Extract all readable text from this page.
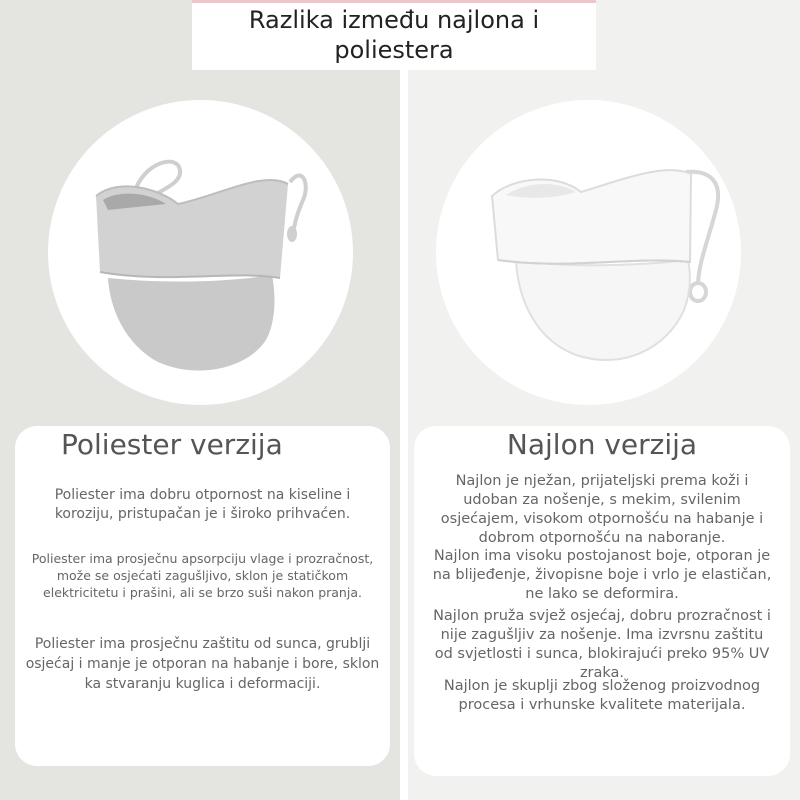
Razlika između najlona i poliestera
Poliester verzija
Poliester ima dobru otpornost na kiseline i koroziju, pristupačan je i široko prihvaćen.
Poliester ima prosječnu apsorpciju vlage i prozračnost, može se osjećati zagušljivo, sklon je statičkom elektricitetu i prašini, ali se brzo suši nakon pranja.
Poliester ima prosječnu zaštitu od sunca, grublji osjećaj i manje je otporan na habanje i bore, sklon ka stvaranju kuglica i deformaciji.
Najlon verzija
Najlon je nježan, prijateljski prema koži i udoban za nošenje, s mekim, svilenim osjećajem, visokom otpornošću na habanje i dobrom otpornošću na naboranje.
Najlon ima visoku postojanost boje, otporan je na blijeđenje, živopisne boje i vrlo je elastičan, ne lako se deformira.
Najlon pruža svjež osjećaj, dobru prozračnost i nije zagušljiv za nošenje. Ima izvrsnu zaštitu od svjetlosti i sunca, blokirajući preko 95% UV zraka.
Najlon je skuplji zbog složenog proizvodnog procesa i vrhunske kvalitete materijala.
